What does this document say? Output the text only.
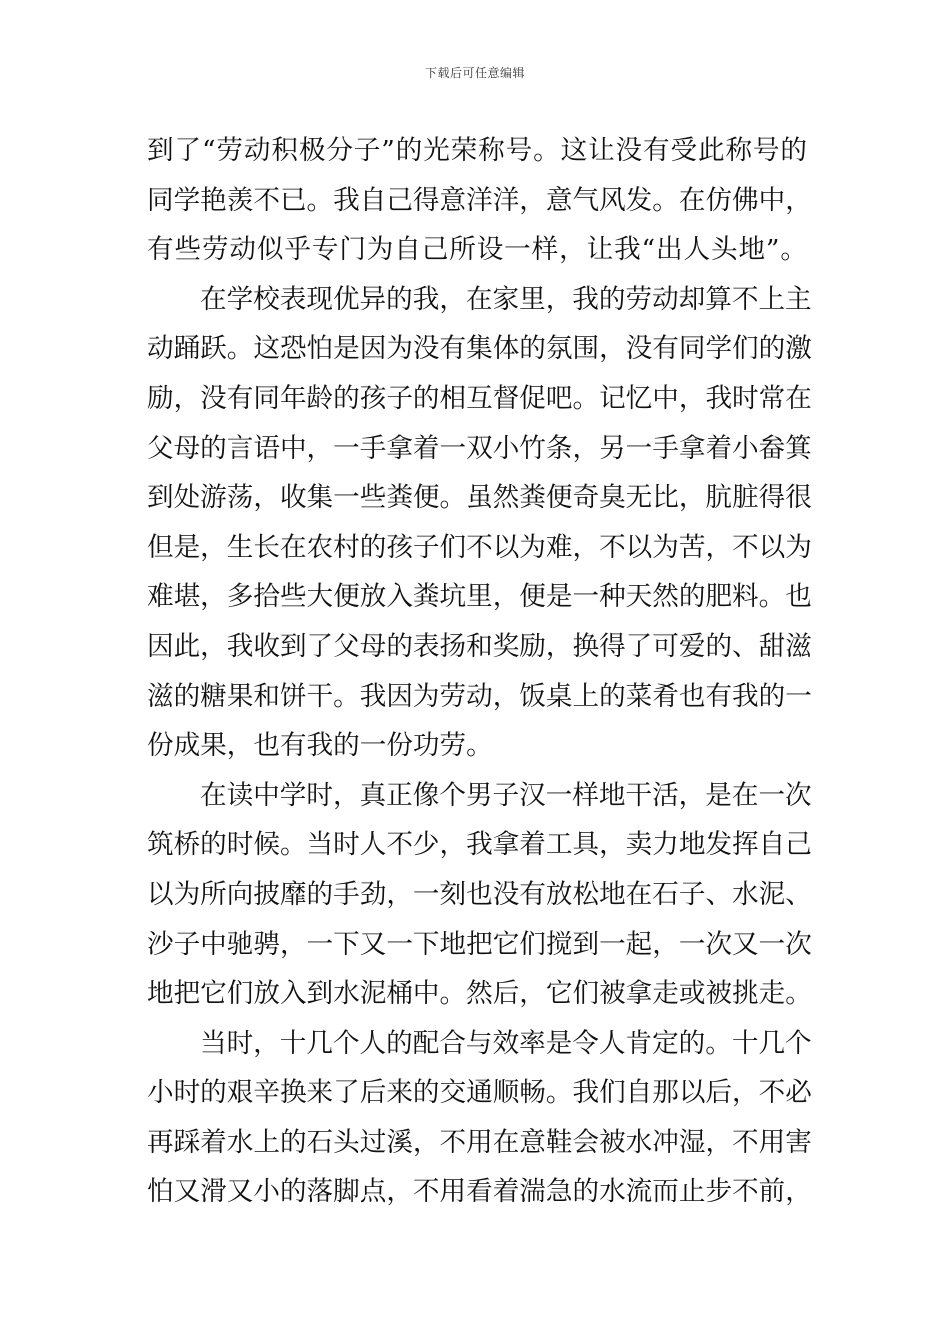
下载后可任意编辑
到了“劳动积极分子”的光荣称号。这让没有受此称号的
同学艳羡不已。我自己得意洋洋，意气风发。在仿佛中，
有些劳动似乎专门为自己所设一样，让我“出人头地”。
在学校表现优异的我，在家里，我的劳动却算不上主
动踊跃。这恐怕是因为没有集体的氛围，没有同学们的激
励，没有同年龄的孩子的相互督促吧。记忆中，我时常在
父母的言语中，一手拿着一双小竹条，另一手拿着小畚箕
到处游荡，收集一些粪便。虽然粪便奇臭无比，肮脏得很
但是，生长在农村的孩子们不以为难，不以为苦，不以为
难堪，多拾些大便放入粪坑里，便是一种天然的肥料。也
因此，我收到了父母的表扬和奖励，换得了可爱的、甜滋
滋的糖果和饼干。我因为劳动，饭桌上的菜肴也有我的一
份成果，也有我的一份功劳。
在读中学时，真正像个男子汉一样地干活，是在一次
筑桥的时候。当时人不少，我拿着工具，卖力地发挥自己
以为所向披靡的手劲，一刻也没有放松地在石子、水泥、
沙子中驰骋，一下又一下地把它们搅到一起，一次又一次
地把它们放入到水泥桶中。然后，它们被拿走或被挑走。
当时，十几个人的配合与效率是令人肯定的。十几个
小时的艰辛换来了后来的交通顺畅。我们自那以后，不必
再踩着水上的石头过溪，不用在意鞋会被水冲湿，不用害
怕又滑又小的落脚点，不用看着湍急的水流而止步不前，
